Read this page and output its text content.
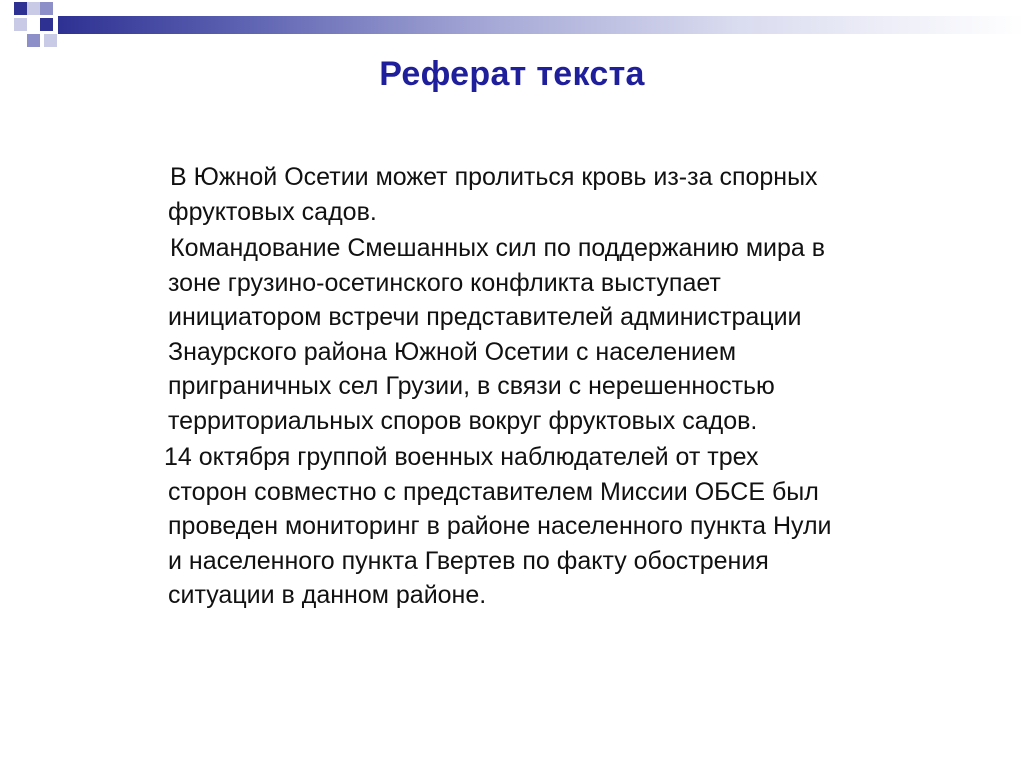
Реферат текста
В Южной Осетии может пролиться кровь из-за спорных
фруктовых садов.
Командование Смешанных сил по поддержанию мира в
зоне грузино-осетинского конфликта выступает
инициатором встречи представителей администрации
Знаурского района Южной Осетии с населением
приграничных сел Грузии, в связи с нерешенностью
территориальных споров вокруг фруктовых садов.
14 октября группой военных наблюдателей от трех
сторон совместно с представителем Миссии ОБСЕ был
проведен мониторинг в районе населенного пункта Нули
и населенного пункта Гвертев по факту обострения
ситуации в данном районе.
